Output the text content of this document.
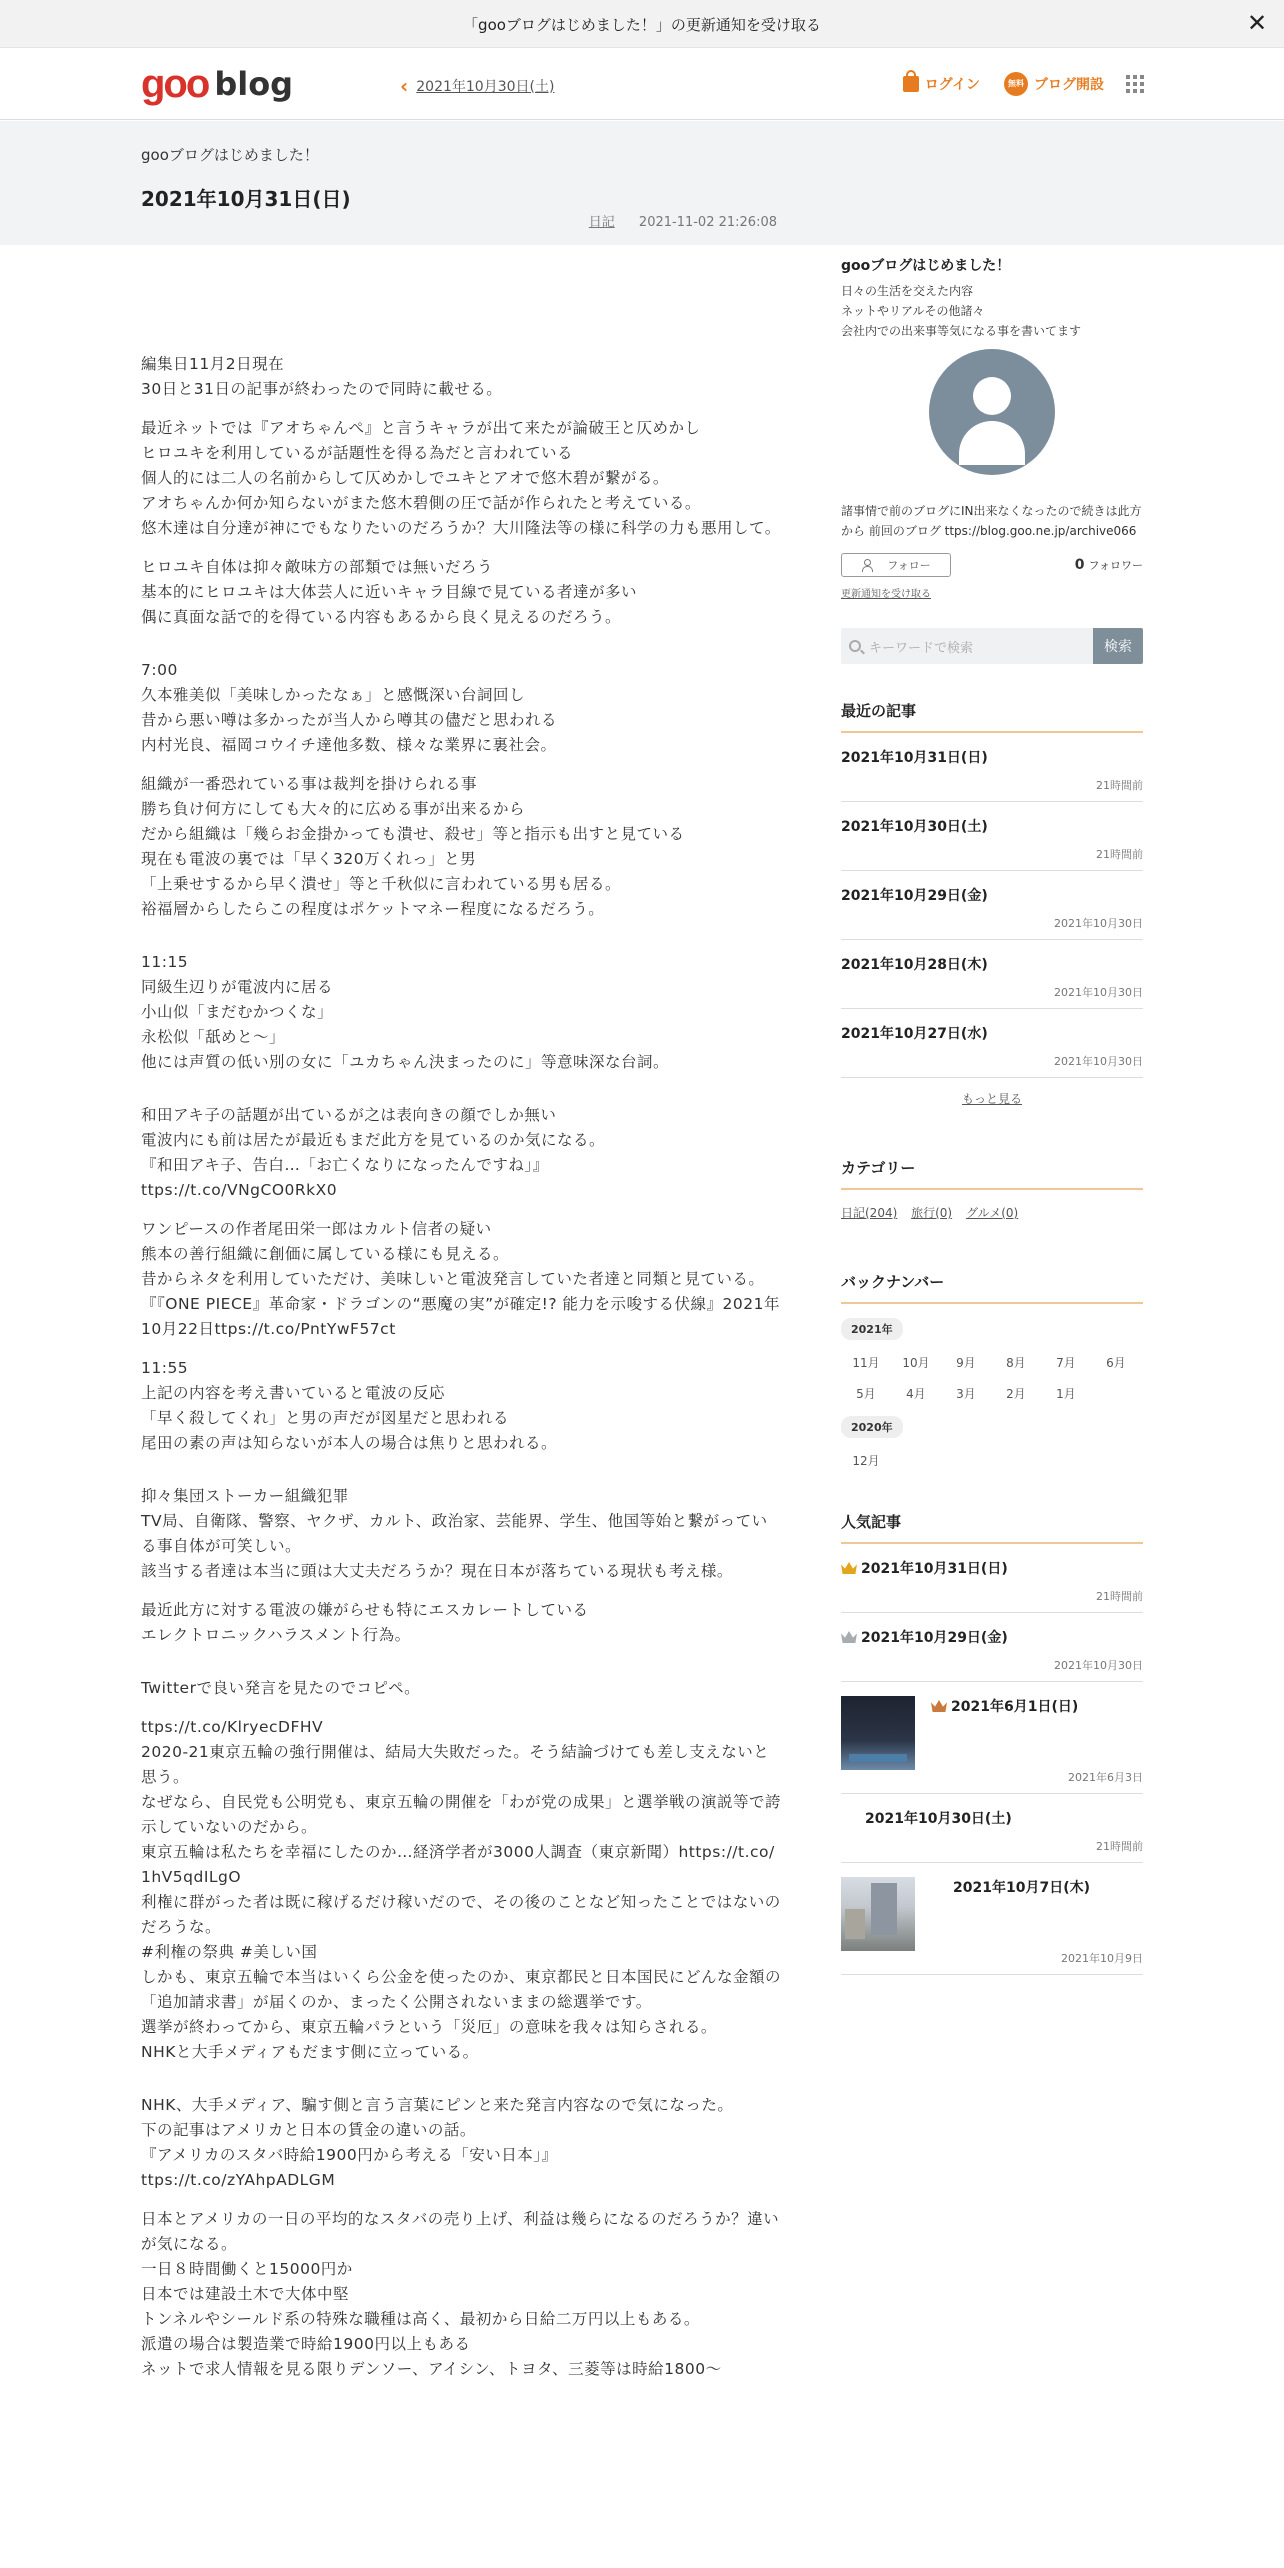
「gooブログはじめました！」の更新通知を受け取る	✕
goo blog	‹ 2021年10月30日(土)	ログイン	無料 ブログ開設
gooブログはじめました！
2021年10月31日(日)
日記 2021-11-02 21:26:08

編集日11月2日現在
30日と31日の記事が終わったので同時に載せる。

最近ネットでは『アオちゃんぺ』と言うキャラが出て来たが論破王と仄めかし
ヒロユキを利用しているが話題性を得る為だと言われている
個人的には二人の名前からして仄めかしでユキとアオで悠木碧が繋がる。
アオちゃんか何か知らないがまた悠木碧側の圧で話が作られたと考えている。
悠木達は自分達が神にでもなりたいのだろうか？大川隆法等の様に科学の力も悪用して。

ヒロユキ自体は抑々敵味方の部類では無いだろう
基本的にヒロユキは大体芸人に近いキャラ目線で見ている者達が多い
偶に真面な話で的を得ている内容もあるから良く見えるのだろう。

7:00
久本雅美似「美味しかったなぁ」と感慨深い台詞回し
昔から悪い噂は多かったが当人から噂其の儘だと思われる
内村光良、福岡コウイチ達他多数、様々な業界に裏社会。

組織が一番恐れている事は裁判を掛けられる事
勝ち負け何方にしても大々的に広める事が出来るから
だから組織は「幾らお金掛かっても潰せ、殺せ」等と指示も出すと見ている
現在も電波の裏では「早く320万くれっ」と男
「上乗せするから早く潰せ」等と千秋似に言われている男も居る。
裕福層からしたらこの程度はポケットマネー程度になるだろう。

11:15
同級生辺りが電波内に居る
小山似「まだむかつくな」
永松似「舐めと～」
他には声質の低い別の女に「ユカちゃん決まったのに」等意味深な台詞。

和田アキ子の話題が出ているが之は表向きの顔でしか無い
電波内にも前は居たが最近もまだ此方を見ているのか気になる。
『和田アキ子、告白…「お亡くなりになったんですね」』
ttps://t.co/VNgCO0RkX0

ワンピースの作者尾田栄一郎はカルト信者の疑い
熊本の善行組織に創価に属している様にも見える。
昔からネタを利用していただけ、美味しいと電波発言していた者達と同類と見ている。
『『ONE PIECE』革命家・ドラゴンの“悪魔の実”が確定!? 能力を示唆する伏線』2021年10月22日ttps://t.co/PntYwF57ct

11:55
上記の内容を考え書いていると電波の反応
「早く殺してくれ」と男の声だが図星だと思われる
尾田の素の声は知らないが本人の場合は焦りと思われる。

抑々集団ストーカー組織犯罪
TV局、自衛隊、警察、ヤクザ、カルト、政治家、芸能界、学生、他国等始と繋がっている事自体が可笑しい。
該当する者達は本当に頭は大丈夫だろうか？現在日本が落ちている現状も考え様。

最近此方に対する電波の嫌がらせも特にエスカレートしている
エレクトロニックハラスメント行為。

Twitterで良い発言を見たのでコピペ。

ttps://t.co/KlryecDFHV
2020-21東京五輪の強行開催は、結局大失敗だった。そう結論づけても差し支えないと思う。
なぜなら、自民党も公明党も、東京五輪の開催を「わが党の成果」と選挙戦の演説等で誇示していないのだから。
東京五輪は私たちを幸福にしたのか…経済学者が3000人調査（東京新聞）https://t.co/1hV5qdILgO
利権に群がった者は既に稼げるだけ稼いだので、その後のことなど知ったことではないのだろうな。
#利権の祭典 #美しい国
しかも、東京五輪で本当はいくら公金を使ったのか、東京都民と日本国民にどんな金額の「追加請求書」が届くのか、まったく公開されないままの総選挙です。
選挙が終わってから、東京五輪パラという「災厄」の意味を我々は知らされる。
NHKと大手メディアもだます側に立っている。

NHK、大手メディア、騙す側と言う言葉にピンと来た発言内容なので気になった。
下の記事はアメリカと日本の賃金の違いの話。
『アメリカのスタバ時給1900円から考える「安い日本」』
ttps://t.co/zYAhpADLGM

日本とアメリカの一日の平均的なスタバの売り上げ、利益は幾らになるのだろうか？違いが気になる。
一日８時間働くと15000円か
日本では建設土木で大体中堅
トンネルやシールド系の特殊な職種は高く、最初から日給二万円以上もある。
派遣の場合は製造業で時給1900円以上もある
ネットで求人情報を見る限りデンソー、アイシン、トヨタ、三菱等は時給1800～

gooブログはじめました！
日々の生活を交えた内容
ネットやリアルその他諸々
会社内での出来事等気になる事を書いてます
諸事情で前のブログにIN出来なくなったので続きは此方から 前回のブログ ttps://blog.goo.ne.jp/archive066
フォロー	0 フォロワー
更新通知を受け取る
キーワードで検索	検索
最近の記事
2021年10月31日(日)
21時間前
2021年10月30日(土)
21時間前
2021年10月29日(金)
2021年10月30日
2021年10月28日(木)
2021年10月30日
2021年10月27日(水)
2021年10月30日
もっと見る
カテゴリー
日記(204) 旅行(0) グルメ(0)
バックナンバー
2021年
11月	10月	9月	8月	7月	6月
5月	4月	3月	2月	1月
2020年
12月
人気記事
2021年10月31日(日)
21時間前
2021年10月29日(金)
2021年10月30日
2021年6月1日(日)
2021年6月3日
2021年10月30日(土)
21時間前
2021年10月7日(木)
2021年10月9日
